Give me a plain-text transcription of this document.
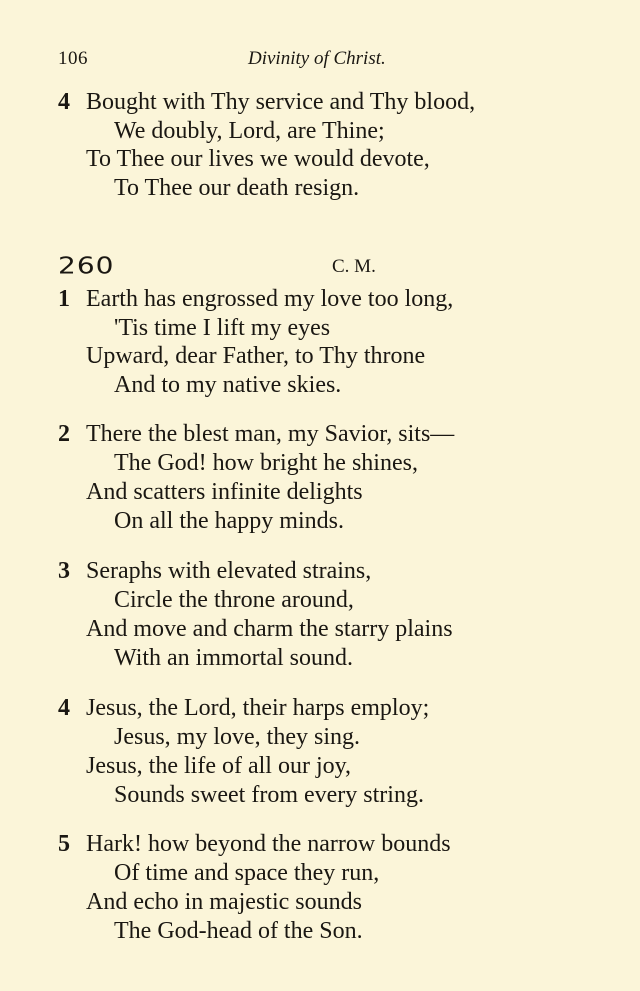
106	Divinity of Christ.
4 Bought with Thy service and Thy blood,
We doubly, Lord, are Thine;
To Thee our lives we would devote,
To Thee our death resign.
260	C. M.
1 Earth has engrossed my love too long,
'Tis time I lift my eyes
Upward, dear Father, to Thy throne
And to my native skies.
2 There the blest man, my Savior, sits—
The God! how bright he shines,
And scatters infinite delights
On all the happy minds.
3 Seraphs with elevated strains,
Circle the throne around,
And move and charm the starry plains
With an immortal sound.
4 Jesus, the Lord, their harps employ;
Jesus, my love, they sing.
Jesus, the life of all our joy,
Sounds sweet from every string.
5 Hark! how beyond the narrow bounds
Of time and space they run,
And echo in majestic sounds
The God-head of the Son.
